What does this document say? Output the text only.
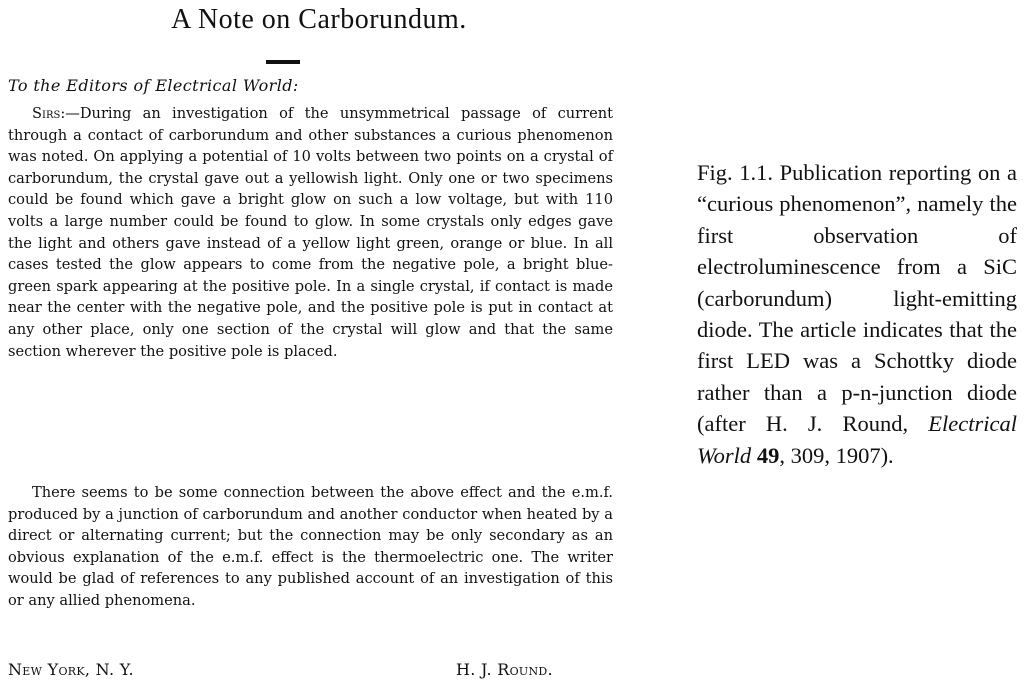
A Note on Carborundum.
To the Editors of Electrical World:
Sirs:—During an investigation of the unsymmetrical passage of current through a contact of carborundum and other substances a curious phenomenon was noted. On applying a potential of 10 volts between two points on a crystal of carborundum, the crystal gave out a yellowish light. Only one or two specimens could be found which gave a bright glow on such a low voltage, but with 110 volts a large number could be found to glow. In some crystals only edges gave the light and others gave instead of a yellow light green, orange or blue. In all cases tested the glow appears to come from the negative pole, a bright blue-green spark appearing at the positive pole. In a single crystal, if contact is made near the center with the negative pole, and the positive pole is put in contact at any other place, only one section of the crystal will glow and that the same section wherever the positive pole is placed.
There seems to be some connection between the above effect and the e.m.f. produced by a junction of carborundum and another conductor when heated by a direct or alternating current; but the connection may be only secondary as an obvious explanation of the e.m.f. effect is the thermoelectric one. The writer would be glad of references to any published account of an investigation of this or any allied phenomena.
New York, N. Y.	H. J. Round.
Fig. 1.1. Publication reporting on a “curious phenomenon”, namely the first observation of electroluminescence from a SiC (carborundum) light-emitting diode. The article indicates that the first LED was a Schottky diode rather than a p-n-junction diode (after H. J. Round, Electrical World 49, 309, 1907).
